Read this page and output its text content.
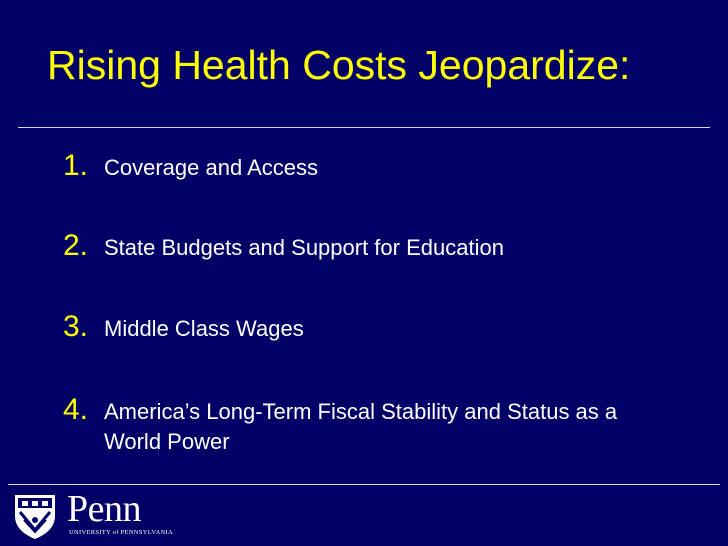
Rising Health Costs Jeopardize:
1. Coverage and Access
2. State Budgets and Support for Education
3. Middle Class Wages
4. America’s Long-Term Fiscal Stability and Status as a World Power
Penn
UNIVERSITY of PENNSYLVANIA
